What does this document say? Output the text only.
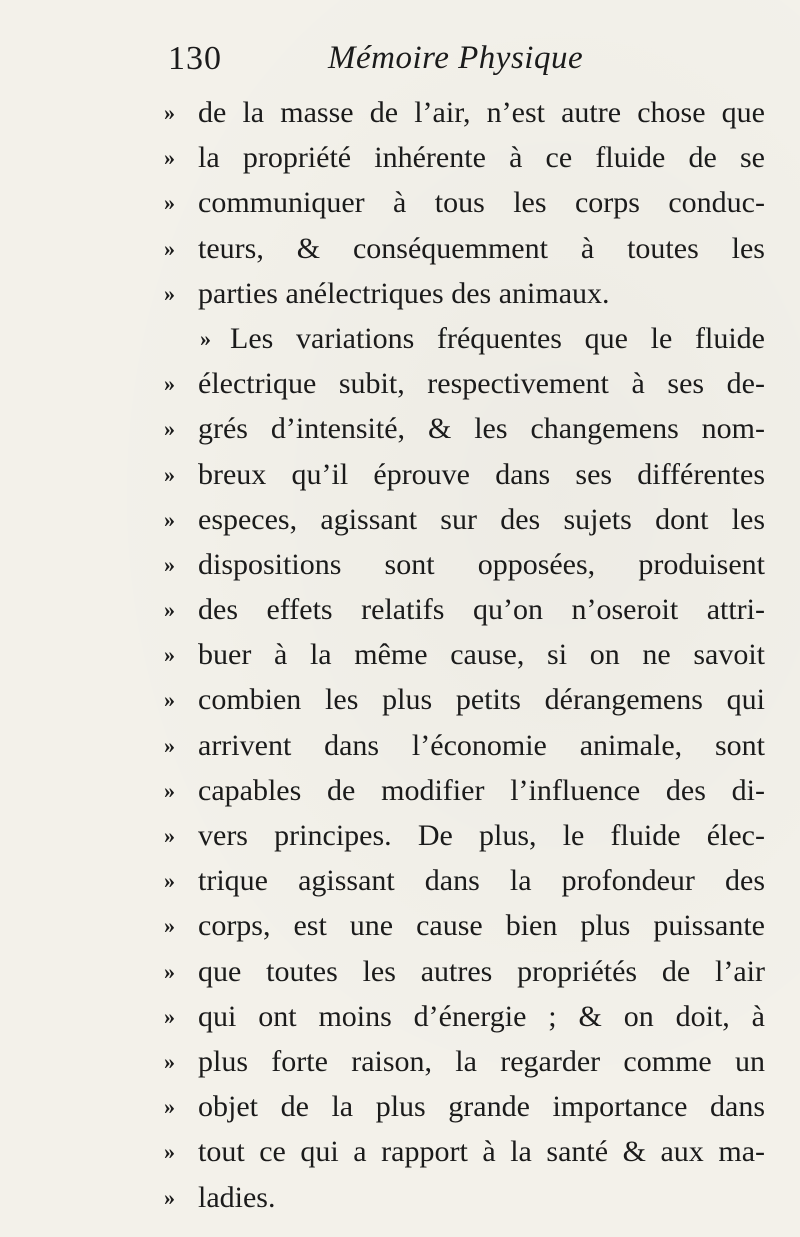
130	Mémoire Physique
» de la masse de l’air, n’est autre chose que
» la propriété inhérente à ce fluide de se
» communiquer à tous les corps conduc-
» teurs, & conséquemment à toutes les
» parties anélectriques des animaux.
» Les variations fréquentes que le fluide
» électrique subit, respectivement à ses de-
» grés d’intensité, & les changemens nom-
» breux qu’il éprouve dans ses différentes
» especes, agissant sur des sujets dont les
» dispositions sont opposées, produisent
» des effets relatifs qu’on n’oseroit attri-
» buer à la même cause, si on ne savoit
» combien les plus petits dérangemens qui
» arrivent dans l’économie animale, sont
» capables de modifier l’influence des di-
» vers principes. De plus, le fluide élec-
» trique agissant dans la profondeur des
» corps, est une cause bien plus puissante
» que toutes les autres propriétés de l’air
» qui ont moins d’énergie ; & on doit, à
» plus forte raison, la regarder comme un
» objet de la plus grande importance dans
» tout ce qui a rapport à la santé & aux ma-
» ladies.
